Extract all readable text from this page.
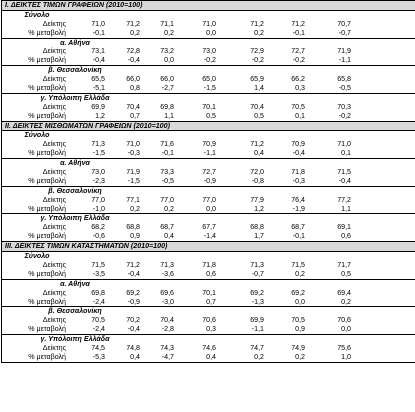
I. ΔΕΙΚΤΕΣ ΤΙΜΩΝ ΓΡΑΦΕΙΩΝ (2010=100)
Σύνολο
Δείκτης	71,0	71,2	71,1	71,0	71,2	71,2	70,7
% μεταβολή	-0,1	0,2	0,2	0,0	0,2	-0,1	-0,7
α. Αθήνα
Δείκτης	73,1	72,8	73,2	73,0	72,9	72,7	71,9
% μεταβολή	-0,4	-0,4	0,0	-0,2	-0,2	-0,2	-1,1
β. Θεσσαλονίκη
Δείκτης	65,5	66,0	66,0	65,0	65,9	66,2	65,8
% μεταβολή	-5,1	0,8	-2,7	-1,5	1,4	0,3	-0,5
γ. Υπόλοιπη Ελλάδα
Δείκτης	69,9	70,4	69,8	70,1	70,4	70,5	70,3
% μεταβολή	1,2	0,7	1,1	0,5	0,5	0,1	-0,2
II. ΔΕΙΚΤΕΣ ΜΙΣΘΩΜΑΤΩΝ ΓΡΑΦΕΙΩΝ (2010=100)
Σύνολο
Δείκτης	71,3	71,0	71,6	70,9	71,2	70,9	71,0
% μεταβολή	-1,5	-0,3	-0,1	-1,1	0,4	-0,4	0,1
α. Αθήνα
Δείκτης	73,0	71,9	73,3	72,7	72,0	71,8	71,5
% μεταβολή	-2,3	-1,5	-0,5	-0,9	-0,8	-0,3	-0,4
β. Θεσσαλονίκη
Δείκτης	77,0	77,1	77,0	77,0	77,9	76,4	77,2
% μεταβολή	-1,0	0,2	0,2	0,0	1,2	-1,9	1,1
γ. Υπόλοιπη Ελλάδα
Δείκτης	68,2	68,8	68,7	67,7	68,8	68,7	69,1
% μεταβολή	-0,6	0,9	0,4	-1,4	1,7	-0,1	0,6
III. ΔΕΙΚΤΕΣ ΤΙΜΩΝ ΚΑΤΑΣΤΗΜΑΤΩΝ (2010=100)
Σύνολο
Δείκτης	71,5	71,2	71,3	71,8	71,3	71,5	71,7
% μεταβολή	-3,5	-0,4	-3,6	0,6	-0,7	0,2	0,5
α. Αθήνα
Δείκτης	69,8	69,2	69,6	70,1	69,2	69,2	69,4
% μεταβολή	-2,4	-0,9	-3,0	0,7	-1,3	0,0	0,2
β. Θεσσαλονίκη
Δείκτης	70,5	70,2	70,4	70,6	69,9	70,5	70,6
% μεταβολή	-2,4	-0,4	-2,8	0,3	-1,1	0,9	0,0
γ. Υπόλοιπη Ελλάδα
Δείκτης	74,5	74,8	74,3	74,6	74,7	74,9	75,6
% μεταβολή	-5,3	0,4	-4,7	0,4	0,2	0,2	1,0
